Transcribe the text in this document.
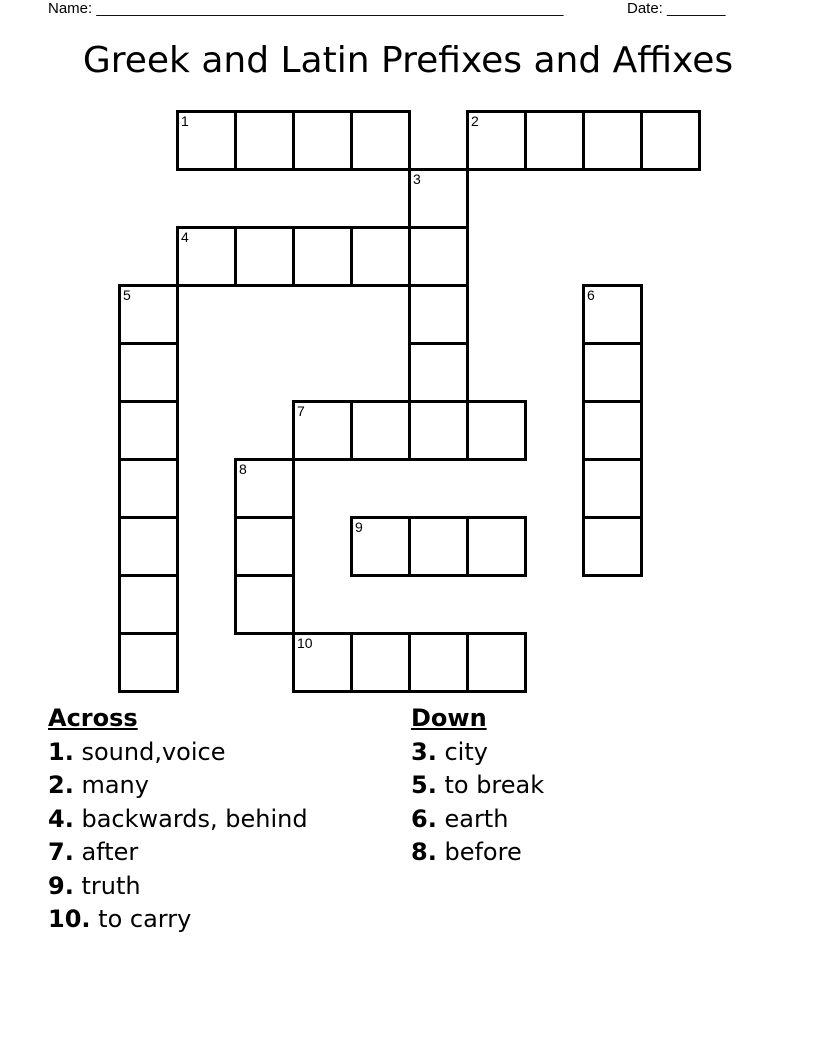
Name: ________________________________________________________	Date: _______
Greek and Latin Prefixes and Affixes
1	2
3
4
5	6
7
8
9
10
Across
1. sound,voice
2. many
4. backwards, behind
7. after
9. truth
10. to carry
Down
3. city
5. to break
6. earth
8. before
